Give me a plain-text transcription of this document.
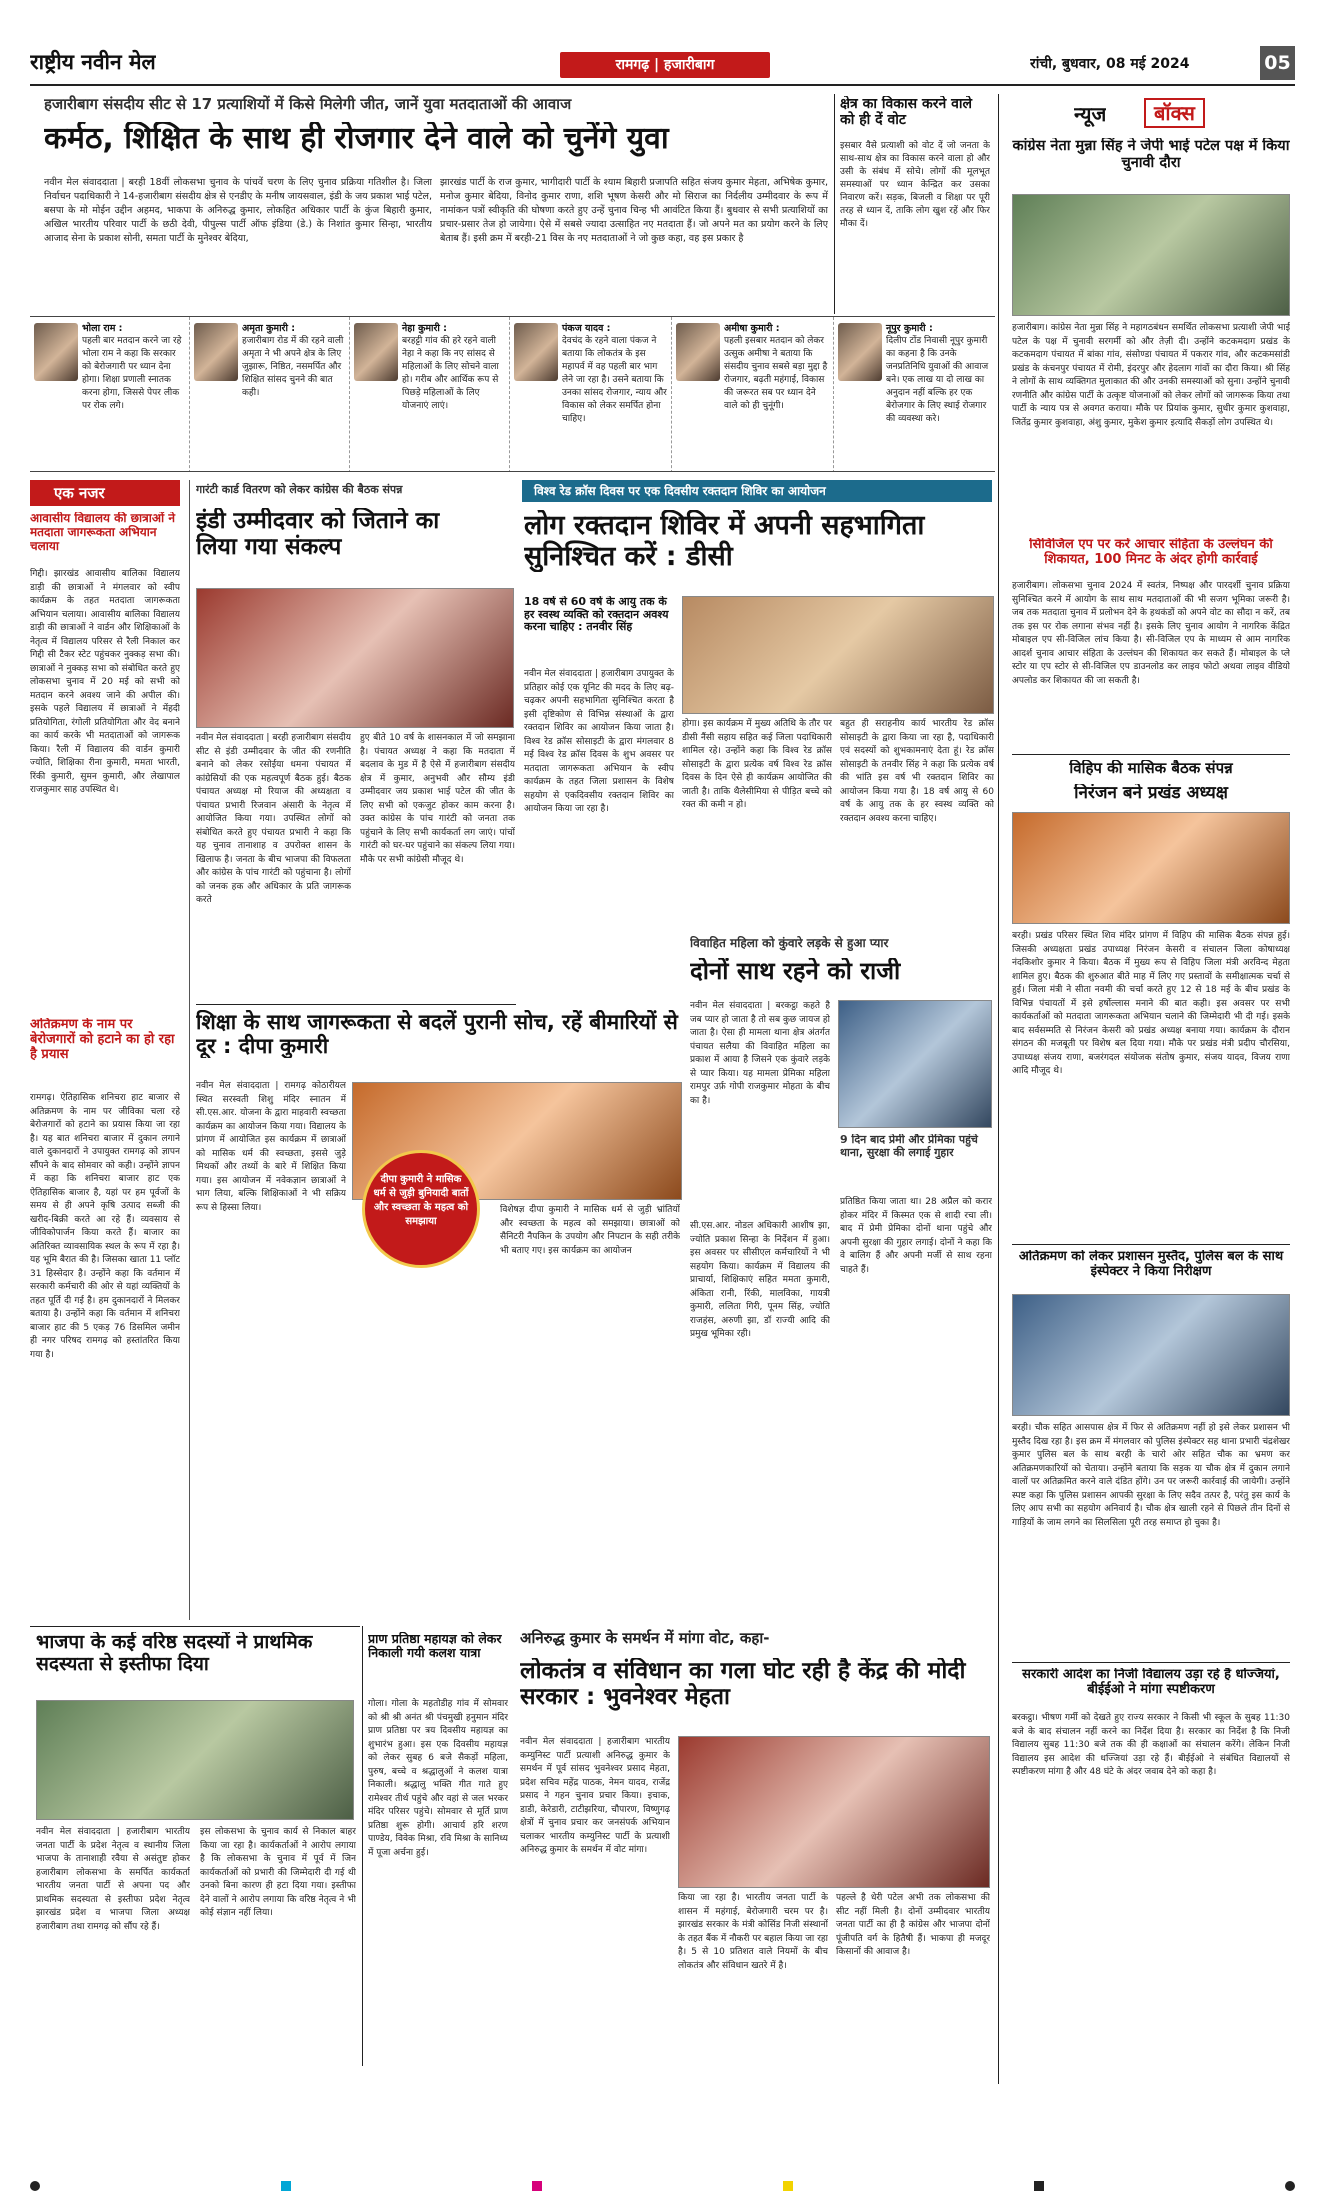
राष्ट्रीय नवीन मेल	रामगढ़ | हजारीबाग	रांची, बुधवार, 08 मई 2024	05
हजारीबाग संसदीय सीट से 17 प्रत्याशियों में किसे मिलेगी जीत, जानें युवा मतदाताओं की आवाज
कर्मठ, शिक्षित के साथ ही रोजगार देने वाले को चुनेंगे युवा
नवीन मेल संवाददाता | बरही 18वीं लोकसभा चुनाव के पांचवें चरण के लिए चुनाव प्रक्रिया गतिशील है। जिला निर्वाचन पदाधिकारी ने 14-हजारीबाग संसदीय क्षेत्र से एनडीए के मनीष जायसवाल, इंडी के जय प्रकाश भाई पटेल, बसपा के मो मोईन उद्दीन अहमद, भाकपा के अनिरुद्ध कुमार, लोकहित अधिकार पार्टी के कुंज बिहारी कुमार, अखिल भारतीय परिवार पार्टी के छठी देवी, पीपुल्स पार्टी ऑफ इंडिया (डे.) के निशांत कुमार सिन्हा, भारतीय आजाद सेना के प्रकाश सोनी, समता पार्टी के मुनेश्वर बेदिया,
झारखंड पार्टी के राज कुमार, भागीदारी पार्टी के श्याम बिहारी प्रजापति सहित संजय कुमार मेहता, अभिषेक कुमार, मनोज कुमार बेदिया, विनोद कुमार राणा, शशि भूषण केसरी और मो सिराज का निर्दलीय उम्मीदवार के रूप में नामांकन पत्रों स्वीकृति की घोषणा करते हुए उन्हें चुनाव चिन्ह भी आवंटित किया हैं। बुधवार से सभी प्रत्याशियों का प्रचार-प्रसार तेज हो जायेगा। ऐसे में सबसे ज्यादा उत्साहित नए मतदाता हैं। जो अपने मत का प्रयोग करने के लिए बेताब हैं। इसी क्रम में बरही-21 विस के नए मतदाताओं ने जो कुछ कहा, वह इस प्रकार है
क्षेत्र का विकास करने वाले को ही दें वोट
इसबार वैसे प्रत्याशी को वोट दें जो जनता के साथ-साथ क्षेत्र का विकास करने वाला हो और उसी के संबंध में सोचे। लोगों की मूलभूत समस्याओं पर ध्यान केन्द्रित कर उसका निवारण करें। सड़क, बिजली व शिक्षा पर पूरी तरह से ध्यान दें, ताकि लोग खुश रहें और फिर मौका दें।
भोला राम :
पहली बार मतदान करने जा रहे भोला राम ने कहा कि सरकार को बेरोजगारी पर ध्यान देना होगा। शिक्षा प्रणाली स्नातक करना होगा, जिससे पेपर लीक पर रोक लगे।
अमृता कुमारी :
हजारीबाग रोड में की रहने वाली अमृता ने भी अपने क्षेत्र के लिए जुझारू, निष्ठित, नसमर्पित और शिक्षित सांसद चुनने की बात कही।
नेहा कुमारी :
बरहट्टी गांव की हरे रहने वाली नेहा ने कहा कि नए सांसद से महिलाओं के लिए सोचने वाला हो। गरीब और आर्थिक रूप से पिछड़े महिलाओं के लिए योजनाएं लाएं।
पंकज यादव :
देवचंद के रहने वाला पंकज ने बताया कि लोकतंत्र के इस महापर्व में वह पहली बार भाग लेने जा रहा है। उसने बताया कि उनका सांसद रोजगार, न्याय और विकास को लेकर समर्पित होना चाहिए।
अमीषा कुमारी :
पहली इसबार मतदान को लेकर उत्सुक अमीषा ने बताया कि संसदीय चुनाव सबसे बड़ा मुद्दा है रोजगार, बढ़ती महंगाई, विकास की जरूरत सब पर ध्यान देने वाले को ही चुनूंगी।
नूपुर कुमारी :
दिलीप टोंड निवासी नूपुर कुमारी का कहना है कि उनके जनप्रतिनिधि युवाओं की आवाज बने। एक लाख या दो लाख का अनुदान नहीं बल्कि हर एक बेरोजगार के लिए स्थाई रोजगार की व्यवस्था करे।
एक नजर
आवासीय विद्यालय की छात्राओं ने मतदाता जागरूकता अभियान चलाया
गिद्दी। झारखंड आवासीय बालिका विद्यालय डाड़ी की छात्राओं ने मंगलवार को स्वीप कार्यक्रम के तहत मतदाता जागरूकता अभियान चलाया। आवासीय बालिका विद्यालय डाड़ी की छात्राओं ने वार्डन और शिक्षिकाओं के नेतृत्व में विद्यालय परिसर से रैली निकाल कर गिद्दी सी टैकर स्टेट पहुंचकर नुक्कड़ सभा की। छात्राओं ने नुक्कड़ सभा को संबोधित करते हुए लोकसभा चुनाव में 20 मई को सभी को मतदान करने अवश्य जाने की अपील की। इसके पहले विद्यालय में छात्राओं ने मेंहदी प्रतियोगिता, रंगोली प्रतियोगिता और वेद बनाने का कार्य करके भी मतदाताओं को जागरूक किया। रैली में विद्यालय की वार्डन कुमारी ज्योति, शिक्षिका रीना कुमारी, ममता भारती, रिंकी कुमारी, सुमन कुमारी, और लेखापाल राजकुमार साह उपस्थित थे।
अतिक्रमण के नाम पर बेरोजगारों को हटाने का हो रहा है प्रयास
रामगढ़। ऐतिहासिक शनिचरा हाट बाजार से अतिक्रमण के नाम पर जीविका चला रहे बेरोजगारों को हटाने का प्रयास किया जा रहा है। यह बात शनिचरा बाजार में दुकान लगाने वाले दुकानदारों ने उपायुक्त रामगढ़ को ज्ञापन सौंपने के बाद सोमवार को कही। उन्होंने ज्ञापन में कहा कि शनिचरा बाजार हाट एक ऐतिहासिक बाजार है, यहां पर हम पूर्वजों के समय से ही अपने कृषि उत्पाद सब्जी की खरीद-बिक्री करते आ रहे हैं। व्यवसाय से जीविकोपार्जन किया करते हैं। बाजार का अतिरिक्त व्यावसायिक स्थल के रूप में रहा है। यह भूमि बैरात की है। जिसका खाता 11 प्लॉट 31 हिस्सेदार है। उन्होंने कहा कि वर्तमान में सरकारी कर्मचारी की ओर से यहां व्यक्तियों के तहत पूर्ति दी गई है। हम दुकानदारों ने मिलकर बताया है। उन्होंने कहा कि वर्तमान में शनिचरा बाजार हाट की 5 एकड़ 76 डिसमिल जमीन ही नगर परिषद रामगढ़ को हस्तांतरित किया गया है।
गारंटी कार्ड वितरण को लेकर कांग्रेस की बैठक संपन्न
इंडी उम्मीदवार को जिताने का लिया गया संकल्प
नवीन मेल संवाददाता | बरही हजारीबाग संसदीय सीट से इंडी उम्मीदवार के जीत की रणनीति बनाने को लेकर रसोईया धमना पंचायत में कांग्रेसियों की एक महत्वपूर्ण बैठक हुई। बैठक पंचायत अध्यक्ष मो रियाज की अध्यक्षता व पंचायत प्रभारी रिजवान अंसारी के नेतृत्व में आयोजित किया गया। उपस्थित लोगों को संबोधित करते हुए पंचायत प्रभारी ने कहा कि यह चुनाव तानाशाह व उपरोक्त शासन के खिलाफ है। जनता के बीच भाजपा की विफलता और कांग्रेस के पांच गारंटी को पहुंचाना है। लोगों को जनक हक और अधिकार के प्रति जागरूक करते
हुए बीते 10 वर्ष के शासनकाल में जो समझाना है। पंचायत अध्यक्ष ने कहा कि मतदाता में बदलाव के मुड में है ऐसे में हजारीबाग संसदीय क्षेत्र में कुमार, अनुभवी और सौम्य इंडी उम्मीदवार जय प्रकाश भाई पटेल की जीत के लिए सभी को एकजुट होकर काम करना है। उक्त कांग्रेस के पांच गारंटी को जनता तक पहुंचाने के लिए सभी कार्यकर्ता लग जाएं। पांचों गारंटी को घर-घर पहुंचाने का संकल्प लिया गया। मौके पर सभी कांग्रेसी मौजूद थे।
विश्व रेड क्रॉस दिवस पर एक दिवसीय रक्तदान शिविर का आयोजन
लोग रक्तदान शिविर में अपनी सहभागिता सुनिश्चित करें : डीसी
18 वर्ष से 60 वर्ष के आयु तक के हर स्वस्थ व्यक्ति को रक्तदान अवश्य करना चाहिए : तनवीर सिंह
नवीन मेल संवाददाता | हजारीबाग उपायुक्त के प्रतिहार कोई एक यूनिट की मदद के लिए बढ़-चढ़कर अपनी सहभागिता सुनिश्चित करता है इसी दृष्टिकोण से विभिन्न संस्थाओं के द्वारा रक्तदान शिविर का आयोजन किया जाता है। विश्व रेड क्रॉस सोसाइटी के द्वारा मंगलवार 8 मई विश्व रेड क्रॉस दिवस के शुभ अवसर पर मतदाता जागरूकता अभियान के स्वीप कार्यक्रम के तहत जिला प्रशासन के विशेष सहयोग से एकदिवसीय रक्तदान शिविर का आयोजन किया जा रहा है।
होगा। इस कार्यक्रम में मुख्य अतिथि के तौर पर डीसी नैंसी सहाय सहित कई जिला पदाधिकारी शामिल रहे। उन्होंने कहा कि विश्व रेड क्रॉस सोसाइटी के द्वारा प्रत्येक वर्ष विश्व रेड क्रॉस दिवस के दिन ऐसे ही कार्यक्रम आयोजित की जाती है। ताकि थैलेसीमिया से पीड़ित बच्चे को रक्त की कमी न हो।
बहुत ही सराहनीय कार्य भारतीय रेड क्रॉस सोसाइटी के द्वारा किया जा रहा है, पदाधिकारी एवं सदस्यों को शुभकामनाएं देता हूं। रेड क्रॉस सोसाइटी के तनवीर सिंह ने कहा कि प्रत्येक वर्ष की भांति इस वर्ष भी रक्तदान शिविर का आयोजन किया गया है। 18 वर्ष आयु से 60 वर्ष के आयु तक के हर स्वस्थ व्यक्ति को रक्तदान अवश्य करना चाहिए।
शिक्षा के साथ जागरूकता से बदलें पुरानी सोच, रहें बीमारियों से दूर : दीपा कुमारी
नवीन मेल संवाददाता | रामगढ़ कोठारीयल स्थित सरस्वती शिशु मंदिर स्नातन में सी.एस.आर. योजना के द्वारा माहवारी स्वच्छता कार्यक्रम का आयोजन किया गया। विद्यालय के प्रांगण में आयोजित इस कार्यक्रम में छात्राओं को मासिक धर्म की स्वच्छता, इससे जुड़े मिथकों और तथ्यों के बारे में शिक्षित किया गया। इस आयोजन में नवेकज्ञान छात्राओं ने भाग लिया, बल्कि शिक्षिकाओं ने भी सक्रिय रूप से हिस्सा लिया।
दीपा कुमारी ने मासिक धर्म से जुड़ी बुनियादी बातों और स्वच्छता के महत्व को समझाया
विशेषज्ञ दीपा कुमारी ने मासिक धर्म से जुड़ी भ्रांतियों और स्वच्छता के महत्व को समझाया। छात्राओं को सैनिटरी नैपकिन के उपयोग और निपटान के सही तरीके भी बताए गए। इस कार्यक्रम का आयोजन
विवाहित महिला को कुंवारे लड़के से हुआ प्यार
दोनों साथ रहने को राजी
नवीन मेल संवाददाता | बरकट्ठा कहते है जब प्यार हो जाता है तो सब कुछ जायज हो जाता है। ऐसा ही मामला थाना क्षेत्र अंतर्गत पंचायत सलैया की विवाहित महिला का प्रकाश में आया है जिसने एक कुंवारे लड़के से प्यार किया। यह मामला प्रेमिका महिला रामपुर उर्फ़ गोपी राजकुमार मोहता के बीच का है।
9 दिन बाद प्रेमी और प्रेमिका पहुंचे थाना, सुरक्षा की लगाई गुहार
सी.एस.आर. नोडल अधिकारी आशीष झा, ज्योति प्रकाश सिन्हा के निर्देशन में हुआ। इस अवसर पर सीसीएल कर्मचारियों ने भी सहयोग किया। कार्यक्रम में विद्यालय की प्राचार्या, शिक्षिकाएं सहित ममता कुमारी, अंकिता रानी, रिंकी, मालविका, गायत्री कुमारी, ललिता गिरी, पूनम सिंह, ज्योति राजहंस, अरुणी झा, डॉ राज्यी आदि की प्रमुख भूमिका रही।
प्रतिष्ठित किया जाता था। 28 अप्रैल को करार होकर मंदिर में किस्मत एक से शादी रचा ली। बाद में प्रेमी प्रेमिका दोनों थाना पहुंचे और अपनी सुरक्षा की गुहार लगाई। दोनों ने कहा कि वे बालिग हैं और अपनी मर्जी से साथ रहना चाहते हैं।
भाजपा के कई वरिष्ठ सदस्यों ने प्राथमिक सदस्यता से इस्तीफा दिया
नवीन मेल संवाददाता | हजारीबाग भारतीय जनता पार्टी के प्रदेश नेतृत्व व स्थानीय जिला भाजपा के तानाशाही रवैया से असंतुष्ट होकर हजारीबाग लोकसभा के समर्पित कार्यकर्ता भारतीय जनता पार्टी से अपना पद और प्राथमिक सदस्यता से इस्तीफा प्रदेश नेतृत्व झारखंड प्रदेश व भाजपा जिला अध्यक्ष हजारीबाग तथा रामगढ़ को सौंप रहे हैं।
इस लोकसभा के चुनाव कार्य से निकाल बाहर किया जा रहा है। कार्यकर्ताओं ने आरोप लगाया है कि लोकसभा के चुनाव में पूर्व में जिन कार्यकर्ताओं को प्रभारी की जिम्मेदारी दी गई थी उनको बिना कारण ही हटा दिया गया। इस्तीफा देने वालों ने आरोप लगाया कि वरिष्ठ नेतृत्व ने भी कोई संज्ञान नहीं लिया।
प्राण प्रतिष्ठा महायज्ञ को लेकर निकाली गयी कलश यात्रा
गोला। गोला के महतोडीह गांव में सोमवार को श्री श्री अनंत श्री पंचमुखी हनुमान मंदिर प्राण प्रतिष्ठा पर त्रय दिवसीय महायज्ञ का शुभारंभ हुआ। इस एक दिवसीय महायज्ञ को लेकर सुबह 6 बजे सैकड़ों महिला, पुरुष, बच्चे व श्रद्धालुओं ने कलश यात्रा निकाली। श्रद्धालु भक्ति गीत गाते हुए रामेश्वर तीर्थ पहुंचे और वहां से जल भरकर मंदिर परिसर पहुंचे। सोमवार से मूर्ति प्राण प्रतिष्ठा शुरू होगी। आचार्य हरि शरण पाण्डेय, विवेक मिश्रा, रवि मिश्रा के सानिध्य में पूजा अर्चना हुई।
अनिरुद्ध कुमार के समर्थन में मांगा वोट, कहा-
लोकतंत्र व संविधान का गला घोट रही है केंद्र की मोदी सरकार : भुवनेश्वर मेहता
नवीन मेल संवाददाता | हजारीबाग भारतीय कम्युनिस्ट पार्टी प्रत्याशी अनिरुद्ध कुमार के समर्थन में पूर्व सांसद भुवनेश्वर प्रसाद मेहता, प्रदेश सचिव महेंद्र पाठक, नेमन यादव, राजेंद्र प्रसाद ने गहन चुनाव प्रचार किया। इचाक, डाडी, केरेडारी, टाटीझरिया, चौपारण, विष्णुगढ़ क्षेत्रों में चुनाव प्रचार कर जनसंपर्क अभियान चलाकर भारतीय कम्युनिस्ट पार्टी के प्रत्याशी अनिरुद्ध कुमार के समर्थन में वोट मांगा।
किया जा रहा है। भारतीय जनता पार्टी के शासन में महंगाई, बेरोजगारी चरम पर है। झारखंड सरकार के मंत्री कोसिंड निजी संस्थानों के तहत बैंक में नौकरी पर बहाल किया जा रहा है। 5 से 10 प्रतिशत वाले नियमों के बीच लोकतंत्र और संविधान खतरे में है।
पहल्ले है धेरी पटेल अभी तक लोकसभा की सीट नहीं मिली है। दोनों उम्मीदवार भारतीय जनता पार्टी का ही है कांग्रेस और भाजपा दोनों पूंजीपति वर्ग के हितैषी हैं। भाकपा ही मजदूर किसानों की आवाज है।
न्यूज	बॉक्स
कांग्रेस नेता मुन्ना सिंह ने जेपी भाई पटेल पक्ष में किया चुनावी दौरा
हजारीबाग। कांग्रेस नेता मुन्ना सिंह ने महागठबंधन समर्थित लोकसभा प्रत्याशी जेपी भाई पटेल के पक्ष में चुनावी सरगर्मी को और तेज़ी दी। उन्होंने कटकमदाग प्रखंड के कटकमदाग पंचायत में बांका गांव, संसोण्डा पंचायत में पकरार गांव, और कटकमसांडी प्रखंड के कंचनपुर पंचायत में रोमी, इंदरपुर और हेदलाग गांवों का दौरा किया। श्री सिंह ने लोगों के साथ व्यक्तिगत मुलाकात की और उनकी समस्याओं को सुना। उन्होंने चुनावी रणनीति और कांग्रेस पार्टी के उत्कृष्ट योजनाओं को लेकर लोगों को जागरूक किया तथा पार्टी के न्याय पत्र से अवगत कराया। मौके पर प्रियांक कुमार, सुधीर कुमार कुशवाहा, जितेंद्र कुमार कुशवाहा, अंशु कुमार, मुकेश कुमार इत्यादि सैकड़ों लोग उपस्थित थे।
सिविजिल एप पर करें आचार संहिता के उल्लंघन की शिकायत, 100 मिनट के अंदर होगी कार्रवाई
हजारीबाग। लोकसभा चुनाव 2024 में स्वतंत्र, निष्पक्ष और पारदर्शी चुनाव प्रक्रिया सुनिश्चित करने में आयोग के साथ साथ मतदाताओं की भी सजग भूमिका जरूरी है। जब तक मतदाता चुनाव में प्रलोभन देने के हथकंडों को अपने वोट का सौदा न करें, तब तक इस पर रोक लगाना संभव नहीं है। इसके लिए चुनाव आयोग ने नागरिक केंद्रित मोबाइल एप सी-विजिल लांच किया है। सी-विजिल एप के माध्यम से आम नागरिक आदर्श चुनाव आचार संहिता के उल्लंघन की शिकायत कर सकते हैं। मोबाइल के प्ले स्टोर या एप स्टोर से सी-विजिल एप डाउनलोड कर लाइव फोटो अथवा लाइव वीडियो अपलोड कर शिकायत की जा सकती है।
विहिप की मासिक बैठक संपन्न
निरंजन बने प्रखंड अध्यक्ष
बरही। प्रखंड परिसर स्थित शिव मंदिर प्रांगण में विहिप की मासिक बैठक संपन्न हुई। जिसकी अध्यक्षता प्रखंड उपाध्यक्ष निरंजन केसरी व संचालन जिला कोषाध्यक्ष नंदकिशोर कुमार ने किया। बैठक में मुख्य रूप से विहिप जिला मंत्री अरविन्द मेहता शामिल हुए। बैठक की शुरुआत बीते माह में लिए गए प्रस्तावों के समीक्षात्मक चर्चा से हुई। जिला मंत्री ने सीता नवमी की चर्चा करते हुए 12 से 18 मई के बीच प्रखंड के विभिन्न पंचायतों में इसे हर्षोल्लास मनाने की बात कही। इस अवसर पर सभी कार्यकर्ताओं को मतदाता जागरूकता अभियान चलाने की जिम्मेदारी भी दी गई। इसके बाद सर्वसम्मति से निरंजन केसरी को प्रखंड अध्यक्ष बनाया गया। कार्यक्रम के दौरान संगठन की मजबूती पर विशेष बल दिया गया। मौके पर प्रखंड मंत्री प्रदीप चौरसिया, उपाध्यक्ष संजय राणा, बजरंगदल संयोजक संतोष कुमार, संजय यादव, विजय राणा आदि मौजूद थे।
अतिक्रमण को लेकर प्रशासन मुस्तैद, पुलिस बल के साथ इंस्पेक्टर ने किया निरीक्षण
बरही। चौक सहित आसपास क्षेत्र में फिर से अतिक्रमण नहीं हो इसे लेकर प्रशासन भी मुस्तैद दिख रहा है। इस क्रम में मंगलवार को पुलिस इंस्पेक्टर सह थाना प्रभारी चंद्रशेखर कुमार पुलिस बल के साथ बरही के चारो ओर सहित चौक का भ्रमण कर अतिक्रमणकारियों को चेताया। उन्होंने बताया कि सड़क या चौक क्षेत्र में दुकान लगाने वालों पर अतिक्रमित करने वाले दंडित होंगे। उन पर जरूरी कार्रवाई की जायेगी। उन्होंने स्पष्ट कहा कि पुलिस प्रशासन आपकी सुरक्षा के लिए सदैव तत्पर है, परंतु इस कार्य के लिए आप सभी का सहयोग अनिवार्य है। चौक क्षेत्र खाली रहने से पिछले तीन दिनों से गाड़ियों के जाम लगने का सिलसिला पूरी तरह समाप्त हो चुका है।
सरकारी आदेश का निजी विद्यालय उड़ा रहे हैं धज्जियां, बीईईओ ने मांगा स्पष्टीकरण
बरकट्ठा। भीषण गर्मी को देखते हुए राज्य सरकार ने किसी भी स्कूल के सुबह 11:30 बजे के बाद संचालन नहीं करने का निर्देश दिया है। सरकार का निर्देश है कि निजी विद्यालय सुबह 11:30 बजे तक की ही कक्षाओं का संचालन करेंगे। लेकिन निजी विद्यालय इस आदेश की धज्जियां उड़ा रहे हैं। बीईईओ ने संबंधित विद्यालयों से स्पष्टीकरण मांगा है और 48 घंटे के अंदर जवाब देने को कहा है।
